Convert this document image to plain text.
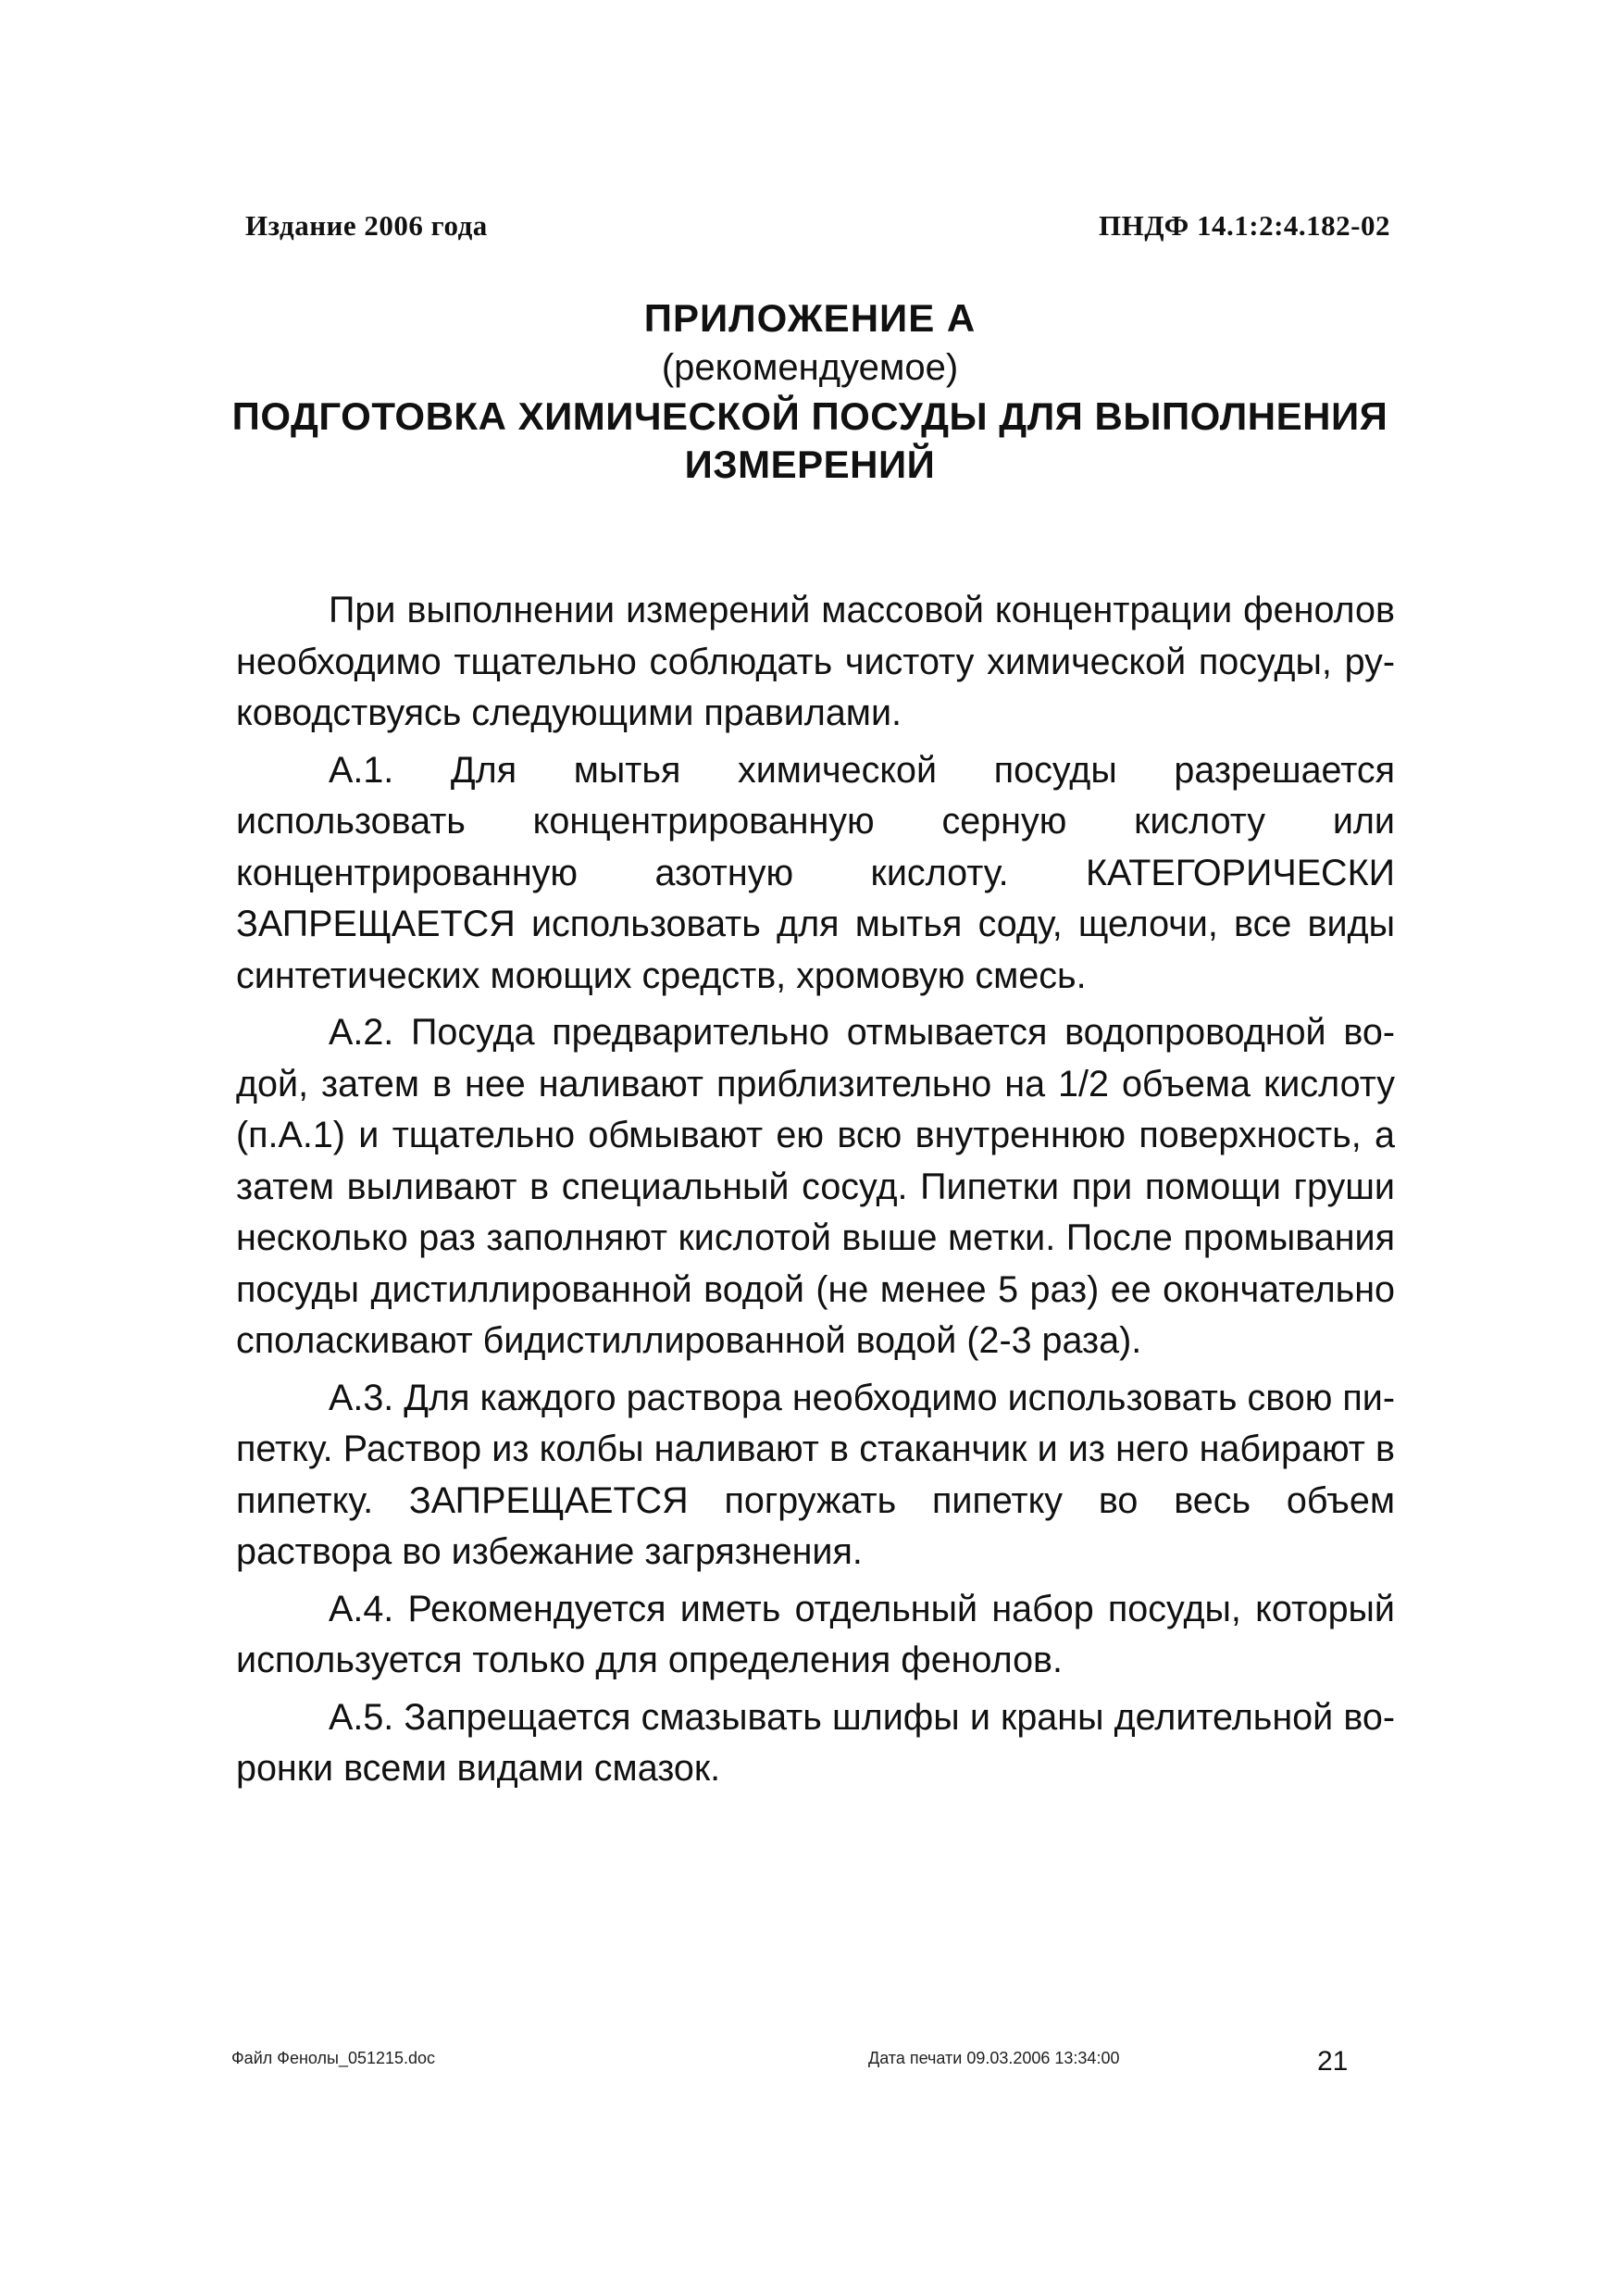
Издание 2006 года	ПНДФ 14.1:2:4.182-02
ПРИЛОЖЕНИЕ А
(рекомендуемое)
ПОДГОТОВКА ХИМИЧЕСКОЙ ПОСУДЫ ДЛЯ ВЫПОЛНЕНИЯ
ИЗМЕРЕНИЙ

При выполнении измерений массовой концентрации фенолов необходимо тщательно соблюдать чистоту химической посуды, руководствуясь следующими правилами.

А.1. Для мытья химической посуды разрешается использовать концентрированную серную кислоту или концентрированную азотную кислоту. КАТЕГОРИЧЕСКИ ЗАПРЕЩАЕТСЯ использовать для мытья соду, щелочи, все виды синтетических моющих средств, хромовую смесь.

А.2. Посуда предварительно отмывается водопроводной водой, затем в нее наливают приблизительно на 1/2 объема кислоту (п.А.1) и тщательно обмывают ею всю внутреннюю поверхность, а затем выливают в специальный сосуд. Пипетки при помощи груши несколько раз заполняют кислотой выше метки. После промывания посуды дистиллированной водой (не менее 5 раз) ее окончательно споласкивают бидистиллированной водой (2-3 раза).

А.3. Для каждого раствора необходимо использовать свою пипетку. Раствор из колбы наливают в стаканчик и из него набирают в пипетку. ЗАПРЕЩАЕТСЯ погружать пипетку во весь объем раствора во избежание загрязнения.

А.4. Рекомендуется иметь отдельный набор посуды, который используется только для определения фенолов.

А.5. Запрещается смазывать шлифы и краны делительной воронки всеми видами смазок.

Файл Фенолы_051215.doc	Дата печати 09.03.2006 13:34:00	21
